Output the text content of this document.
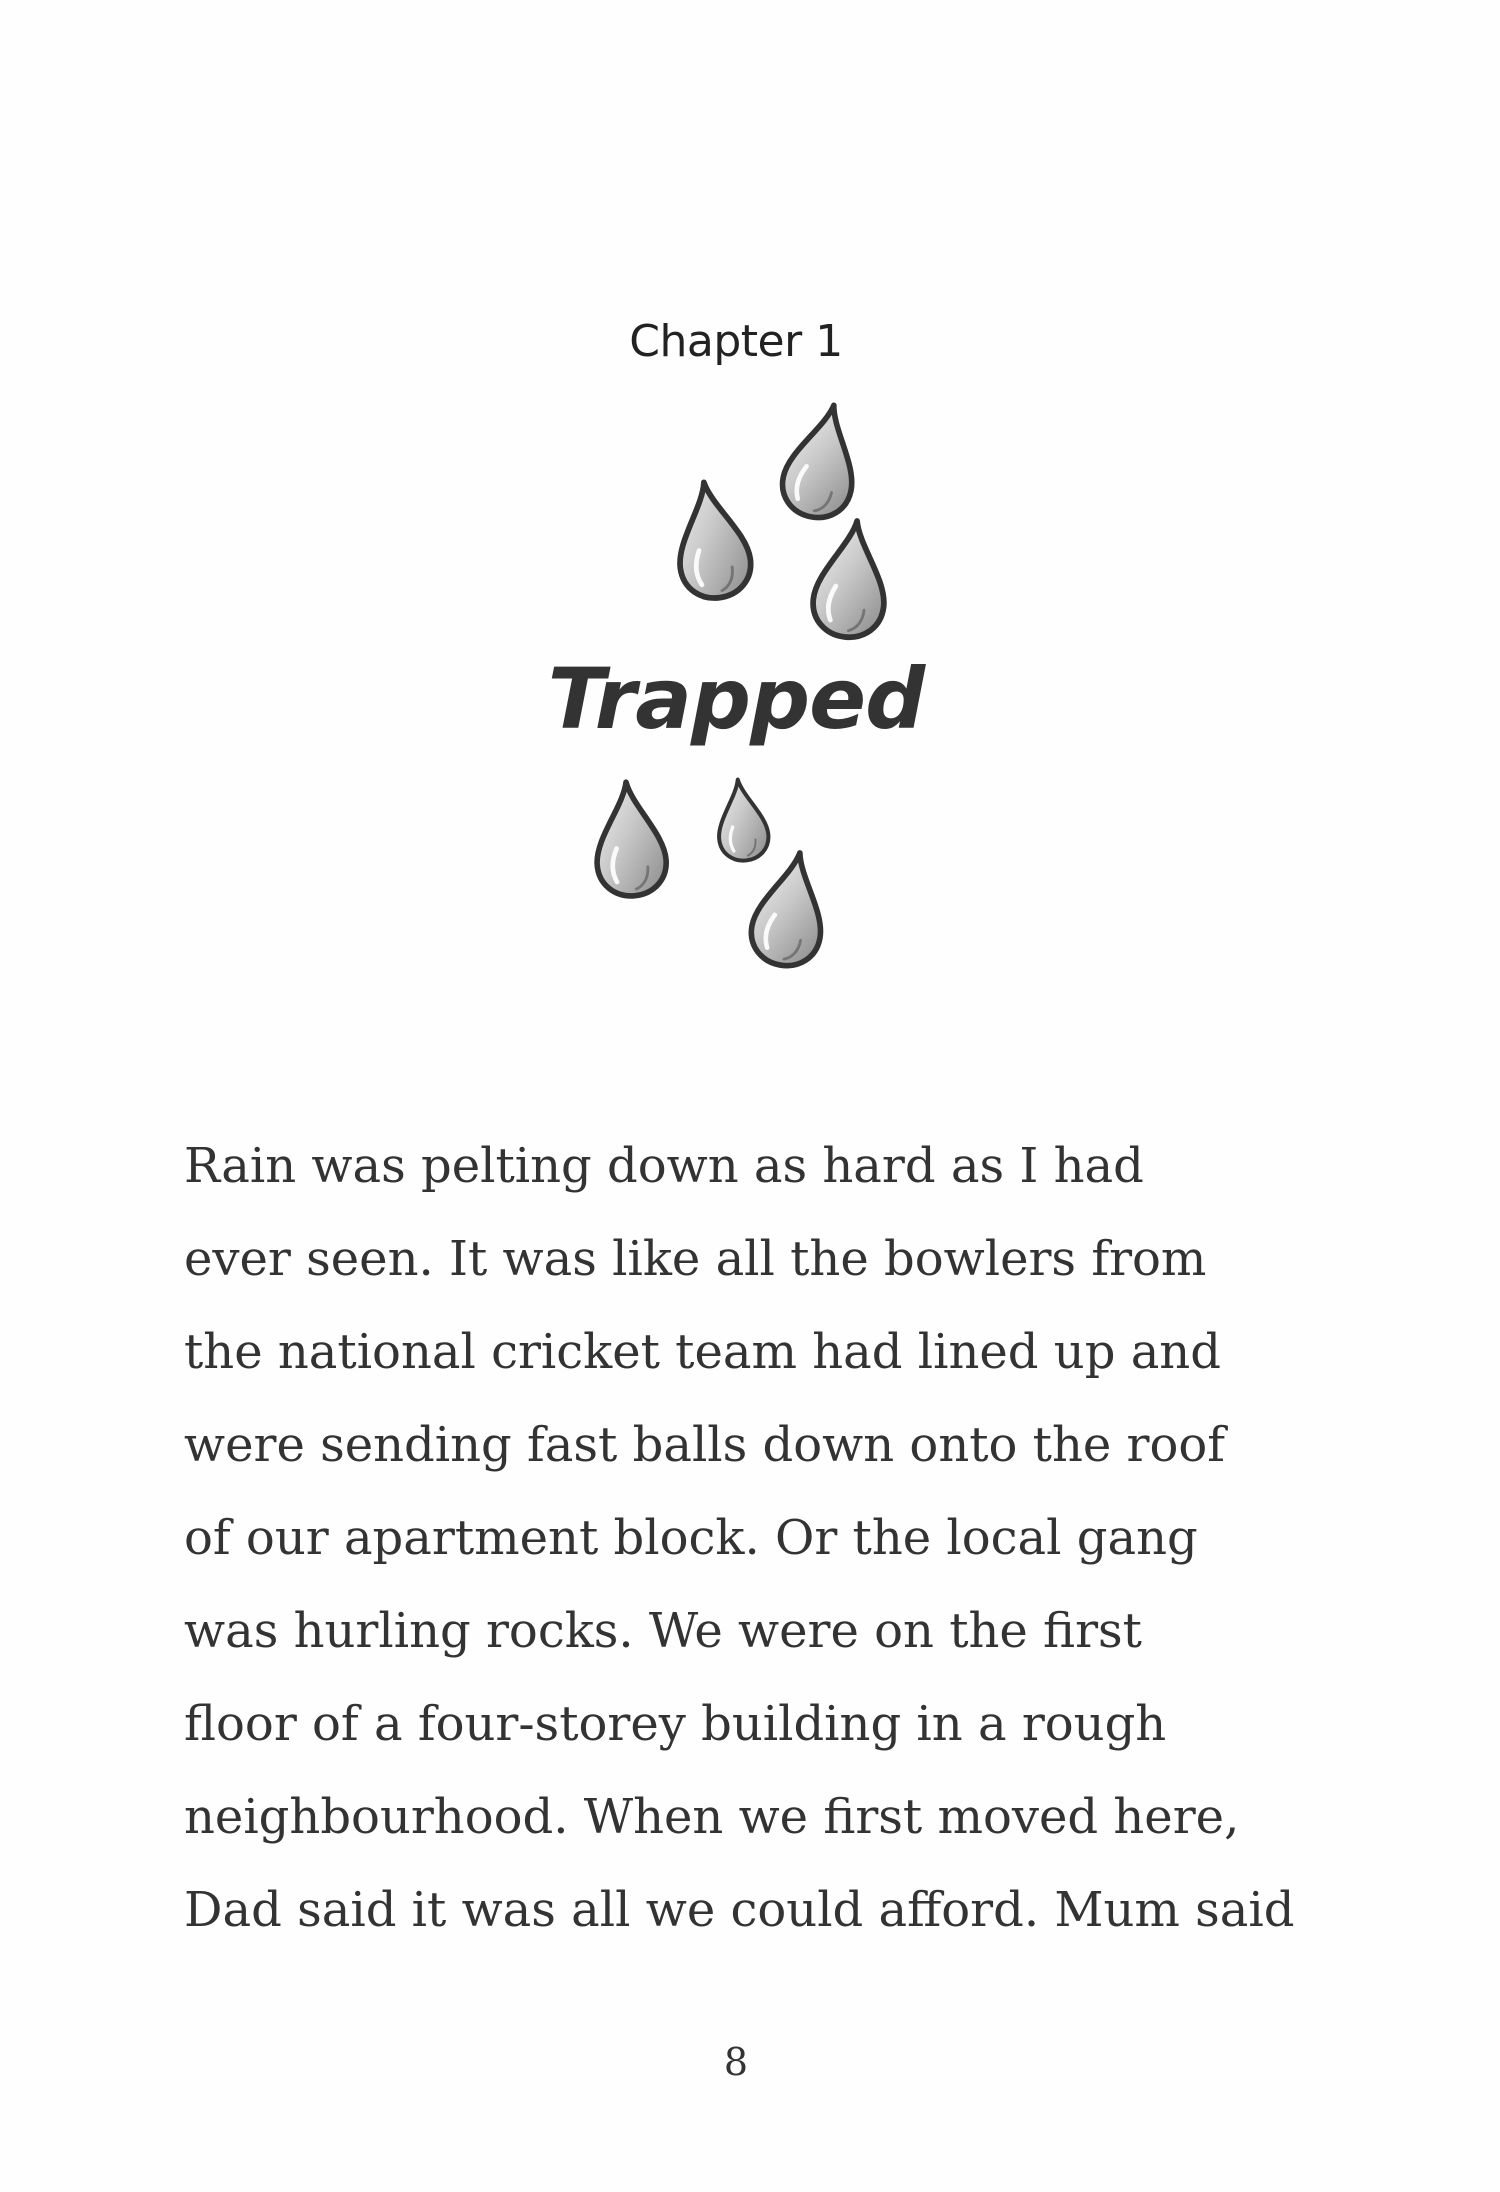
Chapter 1
Trapped
Rain was pelting down as hard as I had
ever seen. It was like all the bowlers from
the national cricket team had lined up and
were sending fast balls down onto the roof
of our apartment block. Or the local gang
was hurling rocks. We were on the first
floor of a four-storey building in a rough
neighbourhood. When we first moved here,
Dad said it was all we could afford. Mum said
8
